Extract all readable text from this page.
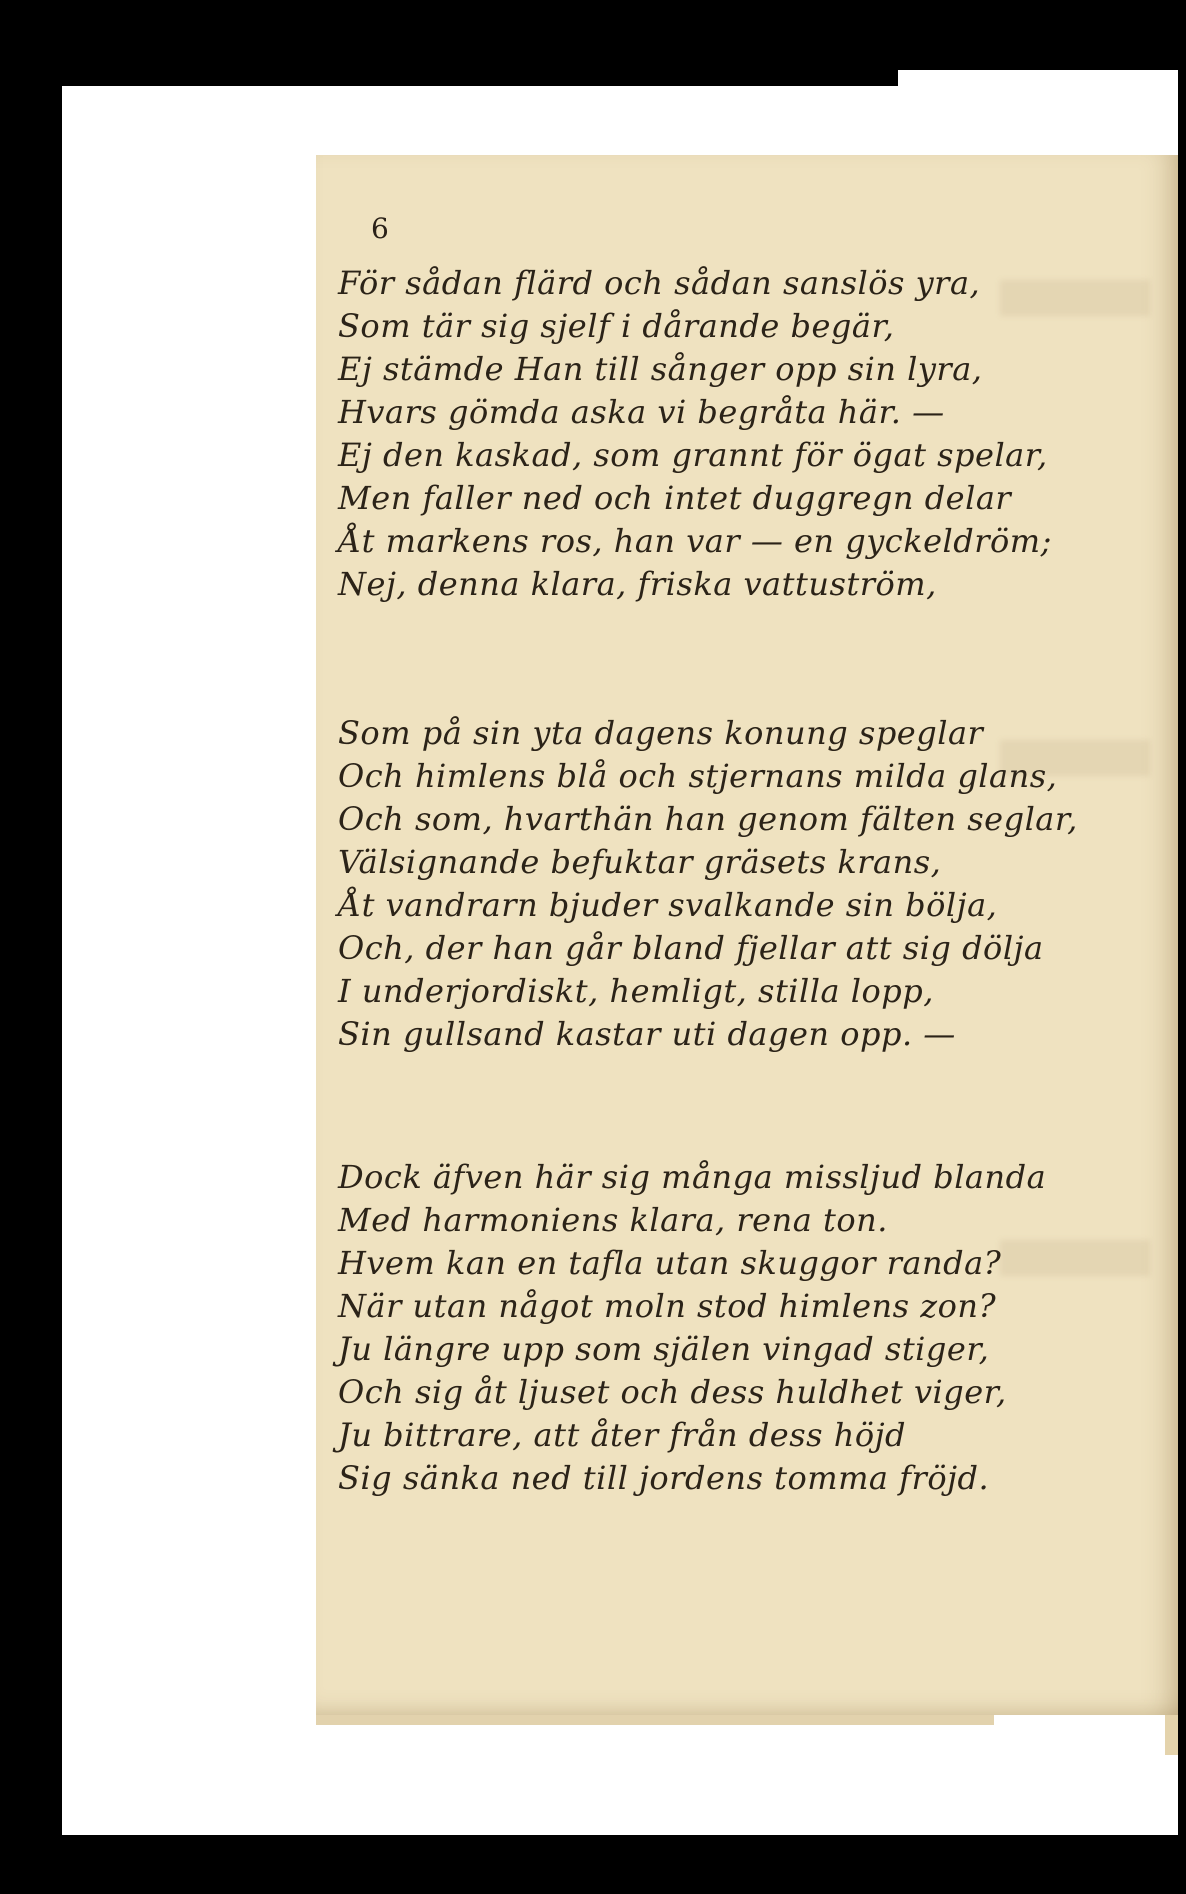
6
För sådan flärd och sådan sanslös yra,
Som tär sig sjelf i dårande begär,
Ej stämde Han till sånger opp sin lyra,
Hvars gömda aska vi begråta här. —
Ej den kaskad, som grannt för ögat spelar,
Men faller ned och intet duggregn delar
Åt markens ros, han var — en gyckeldröm;
Nej, denna klara, friska vattuström,
Som på sin yta dagens konung speglar
Och himlens blå och stjernans milda glans,
Och som, hvarthän han genom fälten seglar,
Välsignande befuktar gräsets krans,
Åt vandrarn bjuder svalkande sin bölja,
Och, der han går bland fjellar att sig dölja
I underjordiskt, hemligt, stilla lopp,
Sin gullsand kastar uti dagen opp. —
Dock äfven här sig många missljud blanda
Med harmoniens klara, rena ton.
Hvem kan en tafla utan skuggor randa?
När utan något moln stod himlens zon?
Ju längre upp som själen vingad stiger,
Och sig åt ljuset och dess huldhet viger,
Ju bittrare, att åter från dess höjd
Sig sänka ned till jordens tomma fröjd.
